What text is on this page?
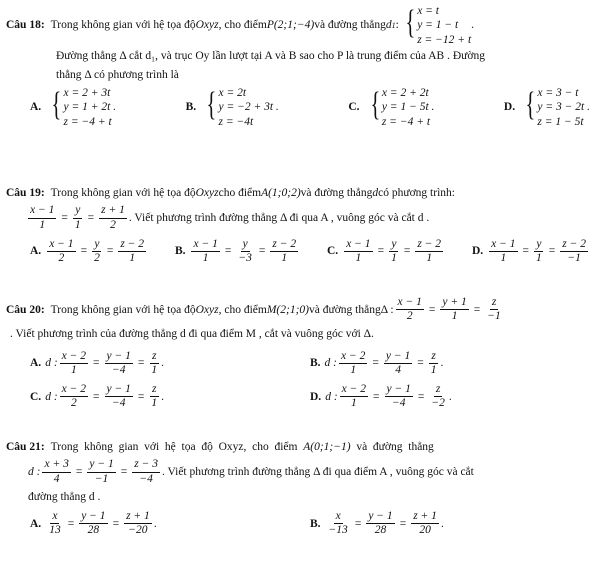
Câu 18: Trong không gian với hệ tọa độ Oxyz , cho điểm P(2;1;−4) và đường thẳng d 1 : { x = t
y = 1 − t
z = −12 + t
.
Đường thẳng Δ cắt d₁, và trục Oy lần lượt tại A và B sao cho P là trung điểm của AB . Đường
thẳng Δ có phương trình là
A. { x = 2 + 3t
y = 1 + 2t .
z = −4 + t
B. { x = 2t
y = −2 + 3t .
z = −4t
C. { x = 2 + 2t
y = 1 − 5t .
z = −4 + t
D. { x = 3 − t
y = 3 − 2t .
z = 1 − 5t
Câu 19: Trong không gian với hệ tọa độ Oxyz cho điểm A(1;0;2) và đường thẳng d có phương trình:
$\frac{x - 1}{1} = \frac{y}{1} = \frac{z + 1}{2}$ . Viết phương trình đường thẳng Δ đi qua A , vuông góc và cắt d .
A. $\frac{x - 1}{2} = \frac{y}{2} = \frac{z - 2}{1}$	B. $\frac{x - 1}{1} = \frac{y}{-3} = \frac{z - 2}{1}$	C. $\frac{x - 1}{1} = \frac{y}{1} = \frac{z - 2}{1}$	D. $\frac{x - 1}{1} = \frac{y}{1} = \frac{z - 2}{-1}$
Câu 20: Trong không gian với hệ tọa độ Oxyz , cho điểm M(2;1;0) và đường thẳng Δ : $\frac{x - 1}{2} = \frac{y + 1}{1} = \frac{z}{-1}$
. Viết phương trình của đường thẳng d đi qua điểm M , cắt và vuông góc với Δ.
A. d : $\frac{x - 2}{1} = \frac{y - 1}{-4} = \frac{z}{1}$ .	B. d : $\frac{x - 2}{1} = \frac{y - 1}{4} = \frac{z}{1}$ .
C. d : $\frac{x - 2}{2} = \frac{y - 1}{-4} = \frac{z}{1}$ .	D. d : $\frac{x - 2}{1} = \frac{y - 1}{-4} = \frac{z}{-2}$ .
Câu 21: Trong  không  gian  với  hệ  tọa  độ  Oxyz,  cho  điểm A(0;1;−1) và  đường  thẳng
d : $\frac{x + 3}{4} = \frac{y - 1}{-1} = \frac{z - 3}{-4}$ . Viết phương trình đường thẳng Δ đi qua điểm A , vuông góc và cắt
đường thẳng d .
A. $\frac{x}{13} = \frac{y - 1}{28} = \frac{z + 1}{-20}$ .	B. $\frac{x}{-13} = \frac{y - 1}{28} = \frac{z + 1}{20}$ .
